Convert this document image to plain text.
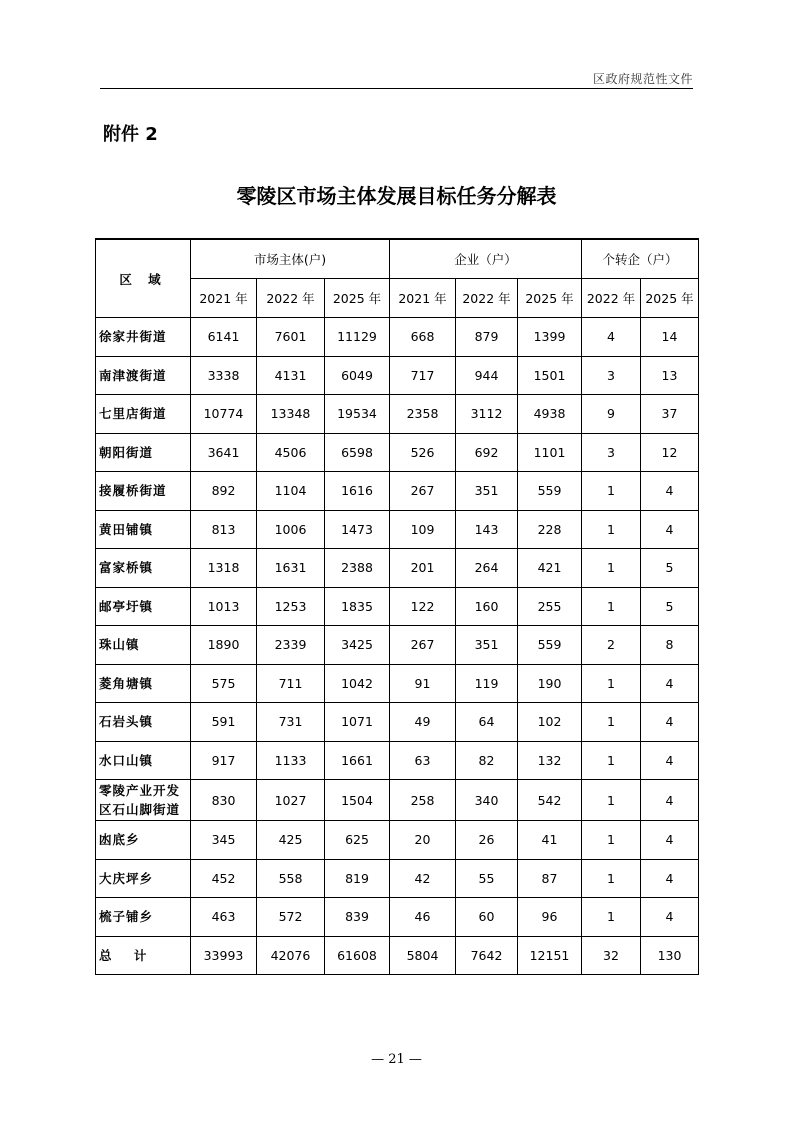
区政府规范性文件
附件 2
零陵区市场主体发展目标任务分解表
区 域	市场主体(户)			企业（户）			个转企（户）	
	2021 年	2022 年	2025 年	2021 年	2022 年	2025 年	2022 年	2025 年
徐家井街道	6141	7601	11129	668	879	1399	4	14
南津渡街道	3338	4131	6049	717	944	1501	3	13
七里店街道	10774	13348	19534	2358	3112	4938	9	37
朝阳街道	3641	4506	6598	526	692	1101	3	12
接履桥街道	892	1104	1616	267	351	559	1	4
黄田铺镇	813	1006	1473	109	143	228	1	4
富家桥镇	1318	1631	2388	201	264	421	1	5
邮亭圩镇	1013	1253	1835	122	160	255	1	5
珠山镇	1890	2339	3425	267	351	559	2	8
菱角塘镇	575	711	1042	91	119	190	1	4
石岩头镇	591	731	1071	49	64	102	1	4
水口山镇	917	1133	1661	63	82	132	1	4
零陵产业开发区石山脚街道	830	1027	1504	258	340	542	1	4
凼底乡	345	425	625	20	26	41	1	4
大庆坪乡	452	558	819	42	55	87	1	4
梳子铺乡	463	572	839	46	60	96	1	4
总    计	33993	42076	61608	5804	7642	12151	32	130
— 21 —
